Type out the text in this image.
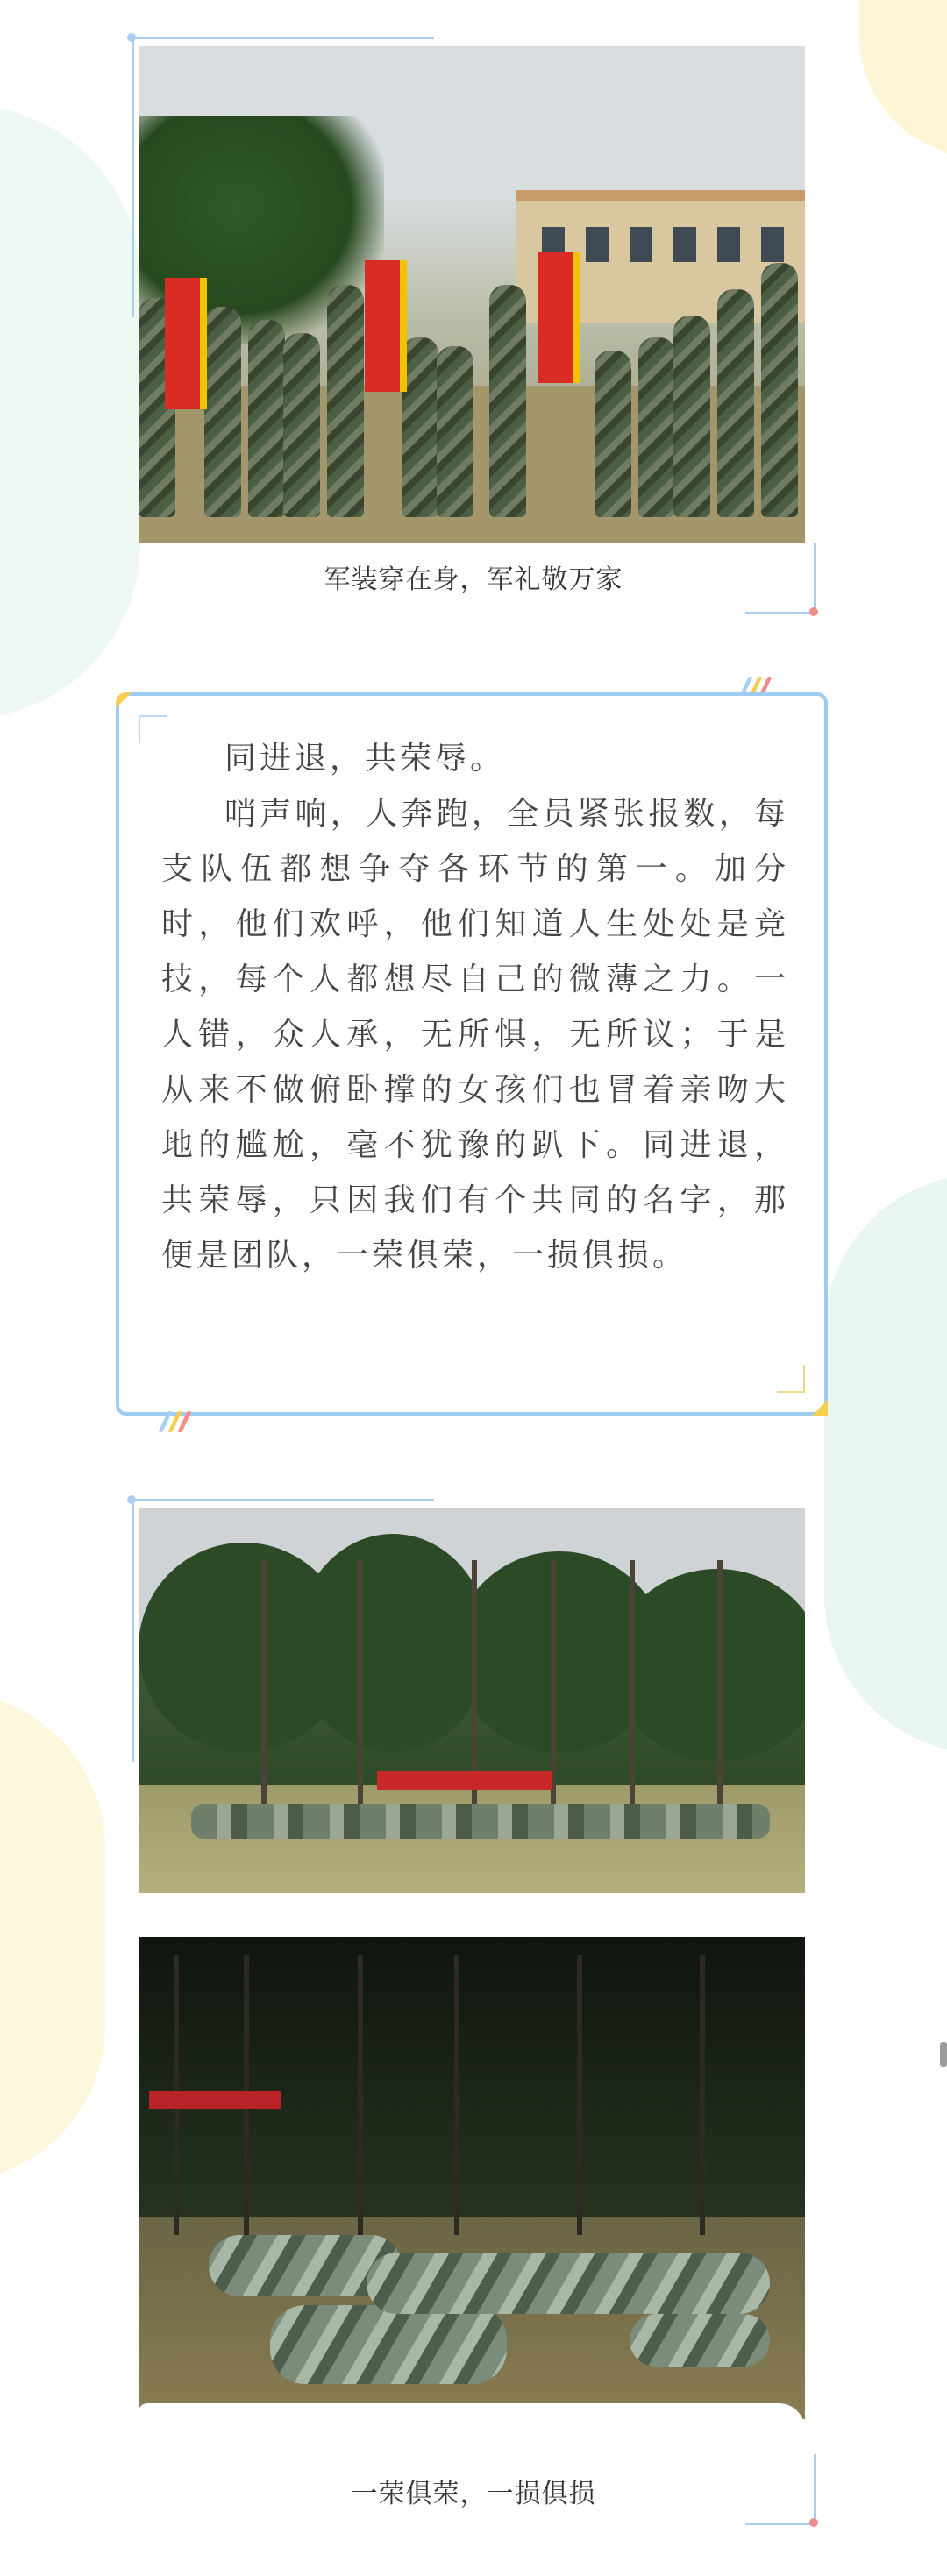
军装穿在身，军礼敬万家

同进退，共荣辱。

哨声响，人奔跑，全员紧张报数，每支队伍都想争夺各环节的第一。加分时，他们欢呼，他们知道人生处处是竞技，每个人都想尽自己的微薄之力。一人错，众人承，无所惧，无所议；于是从来不做俯卧撑的女孩们也冒着亲吻大地的尴尬，毫不犹豫的趴下。同进退，共荣辱，只因我们有个共同的名字，那便是团队，一荣俱荣，一损俱损。

一荣俱荣，一损俱损
